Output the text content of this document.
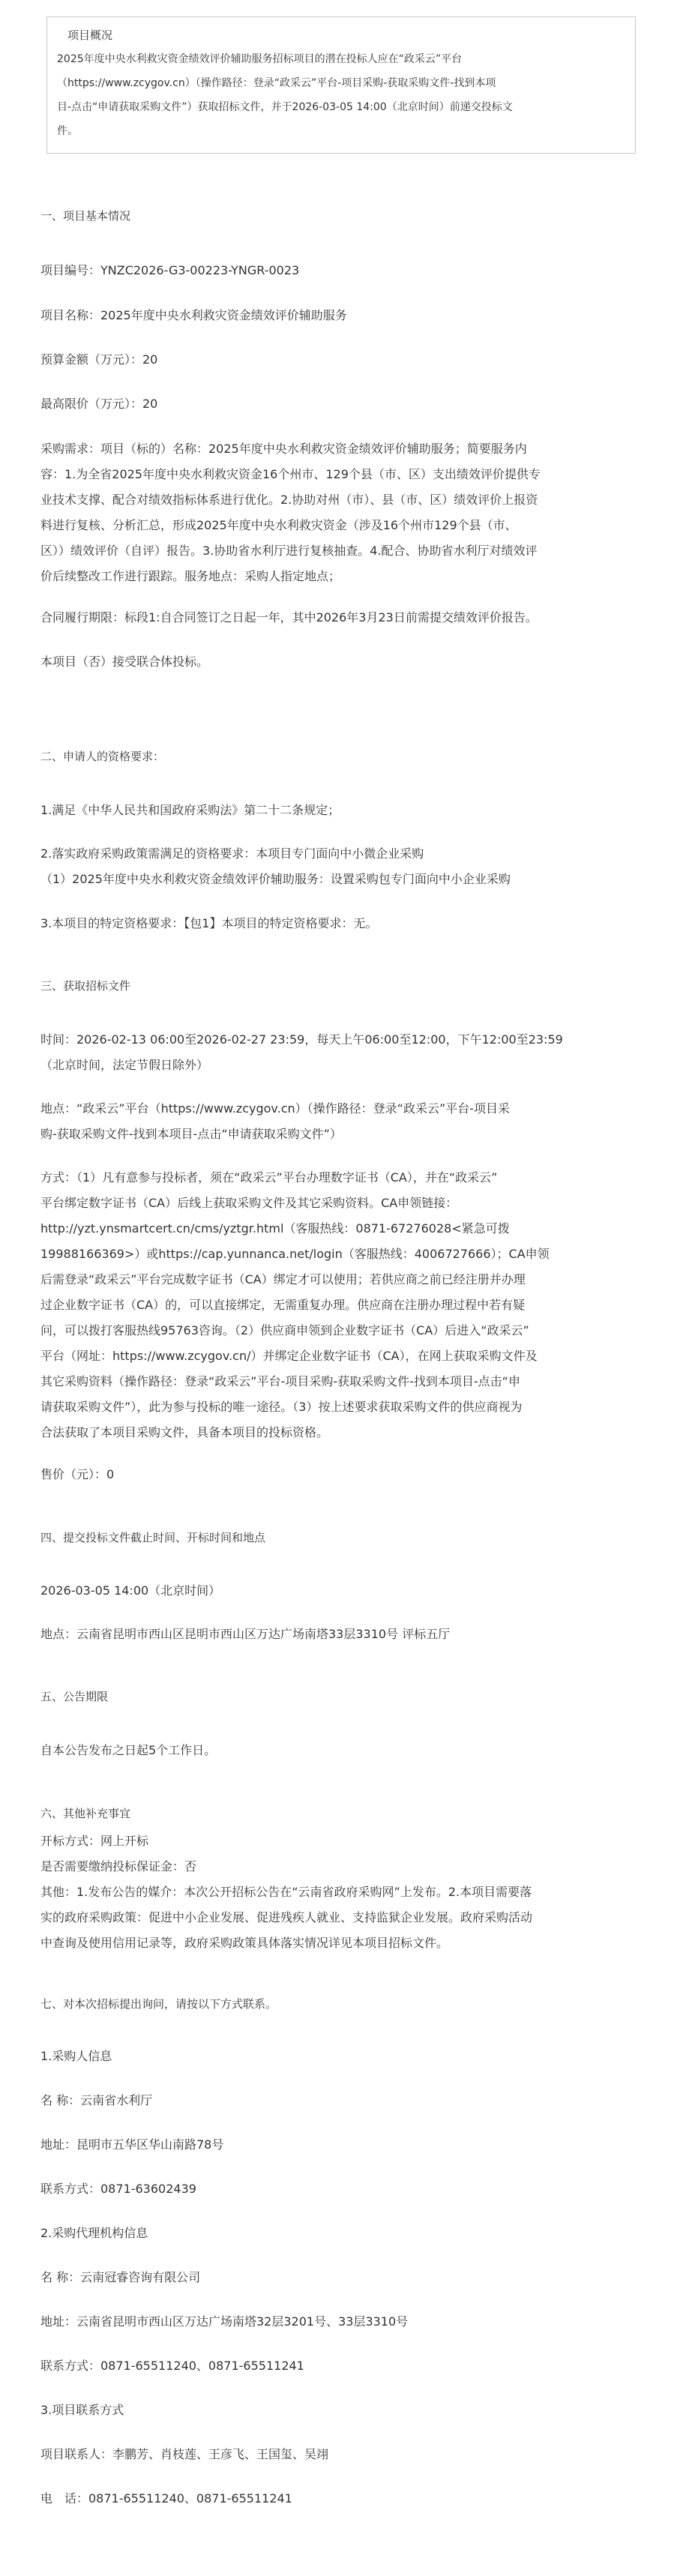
项目概况
2025年度中央水利救灾资金绩效评价辅助服务招标项目的潜在投标人应在“政采云”平台
（https://www.zcygov.cn）（操作路径：登录“政采云”平台-项目采购-获取采购文件-找到本项
目-点击“申请获取采购文件”）获取招标文件，并于2026-03-05 14:00（北京时间）前递交投标文
件。
一、项目基本情况
项目编号：YNZC2026-G3-00223-YNGR-0023
项目名称：2025年度中央水利救灾资金绩效评价辅助服务
预算金额（万元）：20
最高限价（万元）：20
采购需求：项目（标的）名称：2025年度中央水利救灾资金绩效评价辅助服务；简要服务内
容：1.为全省2025年度中央水利救灾资金16个州市、129个县（市、区）支出绩效评价提供专
业技术支撑、配合对绩效指标体系进行优化。2.协助对州（市）、县（市、区）绩效评价上报资
料进行复核、分析汇总，形成2025年度中央水利救灾资金（涉及16个州市129个县（市、
区））绩效评价（自评）报告。3.协助省水利厅进行复核抽查。4.配合、协助省水利厅对绩效评
价后续整改工作进行跟踪。服务地点：采购人指定地点；
合同履行期限：标段1:自合同签订之日起一年，其中2026年3月23日前需提交绩效评价报告。
本项目（否）接受联合体投标。
二、申请人的资格要求：
1.满足《中华人民共和国政府采购法》第二十二条规定；
2.落实政府采购政策需满足的资格要求：本项目专门面向中小微企业采购
（1）2025年度中央水利救灾资金绩效评价辅助服务：设置采购包专门面向中小企业采购
3.本项目的特定资格要求：【包1】本项目的特定资格要求：无。
三、获取招标文件
时间：2026-02-13 06:00至2026-02-27 23:59，每天上午06:00至12:00，下午12:00至23:59
（北京时间，法定节假日除外）
地点：“政采云”平台（https://www.zcygov.cn）（操作路径：登录“政采云”平台-项目采
购-获取采购文件-找到本项目-点击“申请获取采购文件”）
方式：（1）凡有意参与投标者，须在“政采云”平台办理数字证书（CA），并在“政采云”
平台绑定数字证书（CA）后线上获取采购文件及其它采购资料。CA申领链接：
http://yzt.ynsmartcert.cn/cms/yztgr.html（客服热线：0871-67276028<紧急可拨
19988166369>）或https://cap.yunnanca.net/login（客服热线：4006727666）；CA申领
后需登录“政采云”平台完成数字证书（CA）绑定才可以使用；若供应商之前已经注册并办理
过企业数字证书（CA）的，可以直接绑定，无需重复办理。供应商在注册办理过程中若有疑
问，可以拨打客服热线95763咨询。（2）供应商申领到企业数字证书（CA）后进入“政采云”
平台（网址：https://www.zcygov.cn/）并绑定企业数字证书（CA），在网上获取采购文件及
其它采购资料（操作路径：登录“政采云”平台-项目采购-获取采购文件-找到本项目-点击“申
请获取采购文件”），此为参与投标的唯一途径。（3）按上述要求获取采购文件的供应商视为
合法获取了本项目采购文件，具备本项目的投标资格。
售价（元）：0
四、提交投标文件截止时间、开标时间和地点
2026-03-05 14:00（北京时间）
地点：云南省昆明市西山区昆明市西山区万达广场南塔33层3310号 评标五厅
五、公告期限
自本公告发布之日起5个工作日。
六、其他补充事宜
开标方式：网上开标
是否需要缴纳投标保证金：否
其他：1.发布公告的媒介：本次公开招标公告在“云南省政府采购网”上发布。2.本项目需要落
实的政府采购政策：促进中小企业发展、促进残疾人就业、支持监狱企业发展。政府采购活动
中查询及使用信用记录等，政府采购政策具体落实情况详见本项目招标文件。
七、对本次招标提出询问，请按以下方式联系。
1.采购人信息
名 称：云南省水利厅
地址：昆明市五华区华山南路78号
联系方式：0871-63602439
2.采购代理机构信息
名 称：云南冠睿咨询有限公司
地址：云南省昆明市西山区万达广场南塔32层3201号、33层3310号
联系方式：0871-65511240、0871-65511241
3.项目联系方式
项目联系人：李鹏芳、肖枝莲、王彦飞、王国玺、吴翊
电　话：0871-65511240、0871-65511241
